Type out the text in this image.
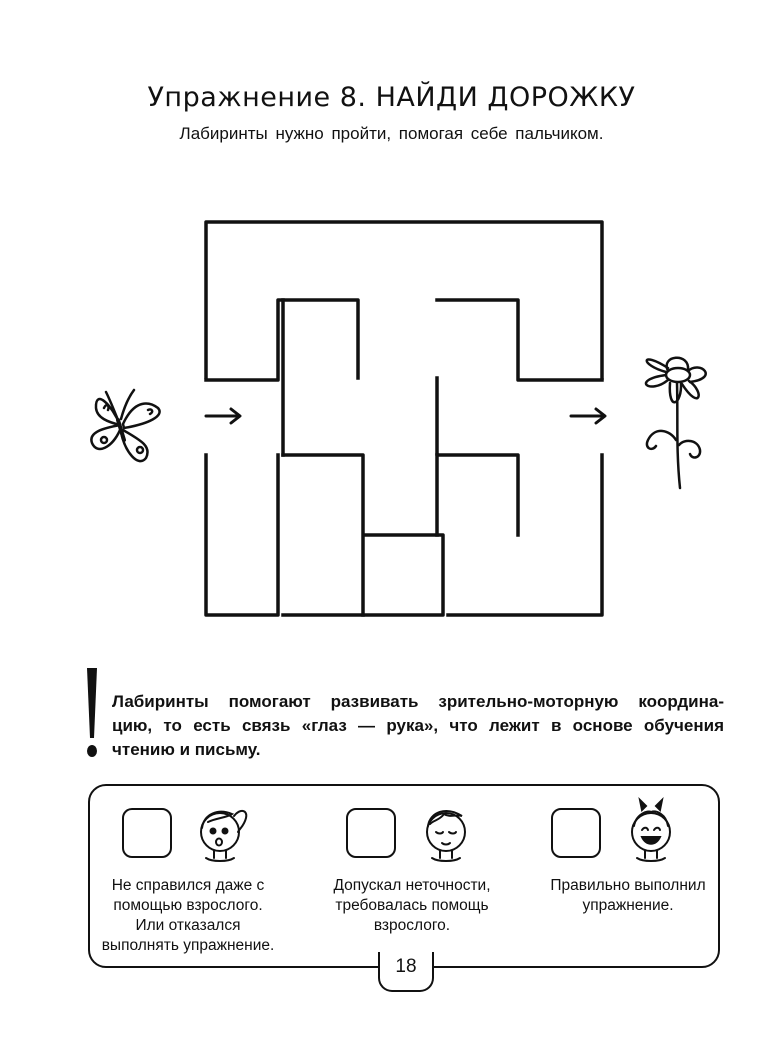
Упражнение 8. НАЙДИ ДОРОЖКУ
Лабиринты нужно пройти, помогая себе пальчиком.
Лабиринты помогают развивать зрительно-моторную координа-
цию, то есть связь «глаз — рука», что лежит в основе обучения
чтению и письму.
Не справился даже с
помощью взрослого.
Или отказался
выполнять упражнение.
Допускал неточности,
требовалась помощь
взрослого.
Правильно выполнил
упражнение.
18
